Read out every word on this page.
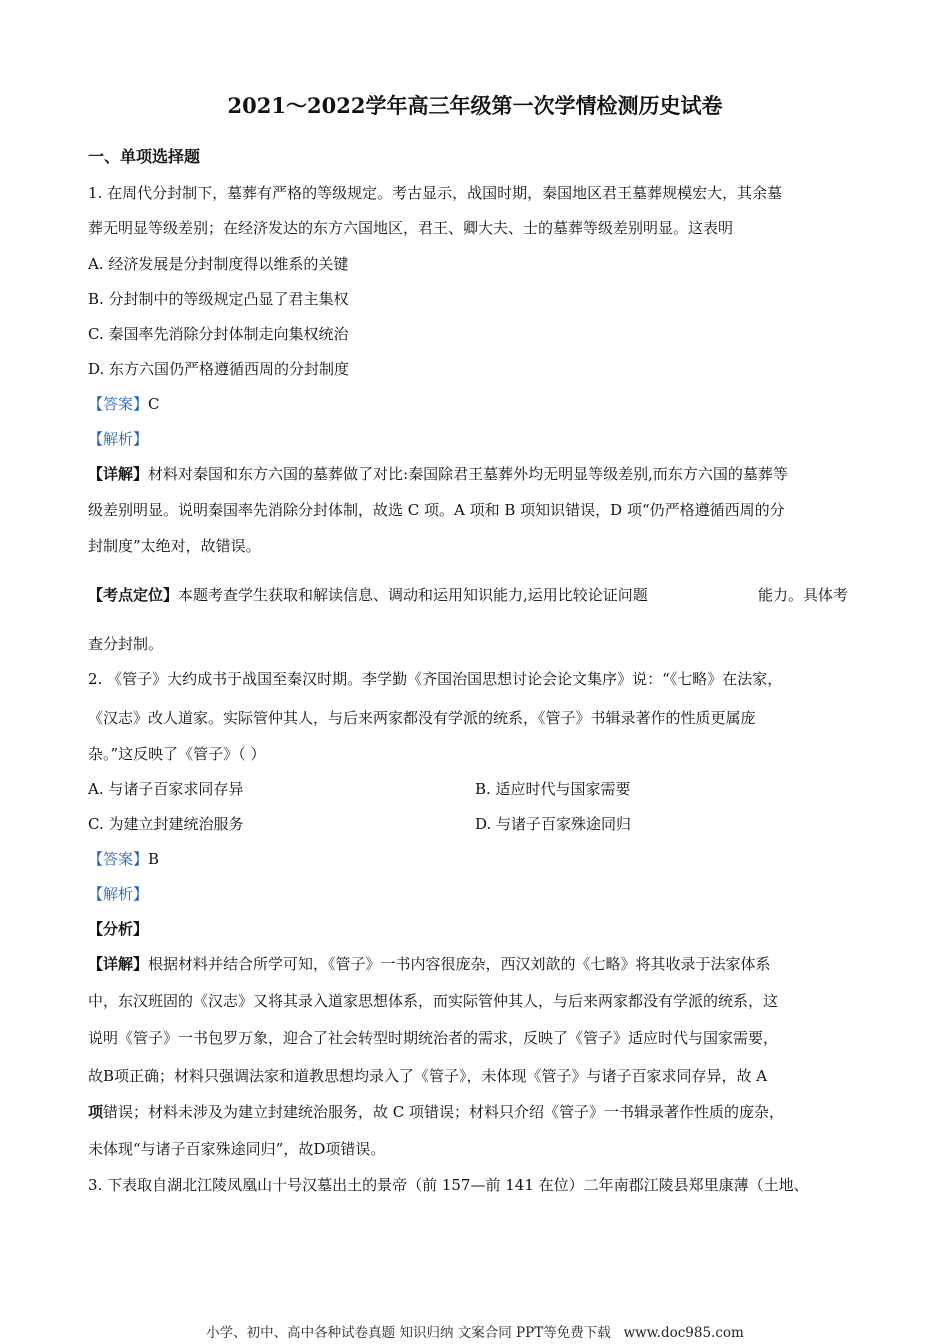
2021～2022学年高三年级第一次学情检测历史试卷
一、单项选择题
1. 在周代分封制下，墓葬有严格的等级规定。考古显示，战国时期，秦国地区君王墓葬规模宏大，其余墓
葬无明显等级差别；在经济发达的东方六国地区，君王、卿大夫、士的墓葬等级差别明显。这表明
A. 经济发展是分封制度得以维系的关键
B. 分封制中的等级规定凸显了君主集权
C. 秦国率先消除分封体制走向集权统治
D. 东方六国仍严格遵循西周的分封制度
【答案】C
【解析】
【详解】材料对秦国和东方六国的墓葬做了对比:秦国除君王墓葬外均无明显等级差别,而东方六国的墓葬等
级差别明显。说明秦国率先消除分封体制，故选 C 项。A 项和 B 项知识错误，D 项“仍严格遵循西周的分
封制度”太绝对，故错误。
【考点定位】本题考查学生获取和解读信息、调动和运用知识能力,运用比较论证问题	能力。具体考
查分封制。
2. 《管子》大约成书于战国至秦汉时期。李学勤《齐国治国思想讨论会论文集序》说：“《七略》在法家，
《汉志》改人道家。实际管仲其人，与后来两家都没有学派的统系，《管子》书辑录著作的性质更属庞
杂。”这反映了《管子》（ ）
A. 与诸子百家求同存异	B. 适应时代与国家需要
C. 为建立封建统治服务	D. 与诸子百家殊途同归
【答案】B
【解析】
【分析】
【详解】根据材料并结合所学可知，《管子》一书内容很庞杂，西汉刘歆的《七略》将其收录于法家体系
中，东汉班固的《汉志》又将其录入道家思想体系，而实际管仲其人，与后来两家都没有学派的统系，这
说明《管子》一书包罗万象，迎合了社会转型时期统治者的需求，反映了《管子》适应时代与国家需要，
故B项正确；材料只强调法家和道教思想均录入了《管子》，未体现《管子》与诸子百家求同存异，故 A
项错误；材料未涉及为建立封建统治服务，故 C 项错误；材料只介绍《管子》一书辑录著作性质的庞杂，
未体现“与诸子百家殊途同归”，故D项错误。
3. 下表取自湖北江陵凤凰山十号汉墓出土的景帝（前 157—前 141 在位）二年南郡江陵县郑里康薄（土地、
小学、初中、高中各种试卷真题 知识归纳 文案合同 PPT等免费下载 www.doc985.com
